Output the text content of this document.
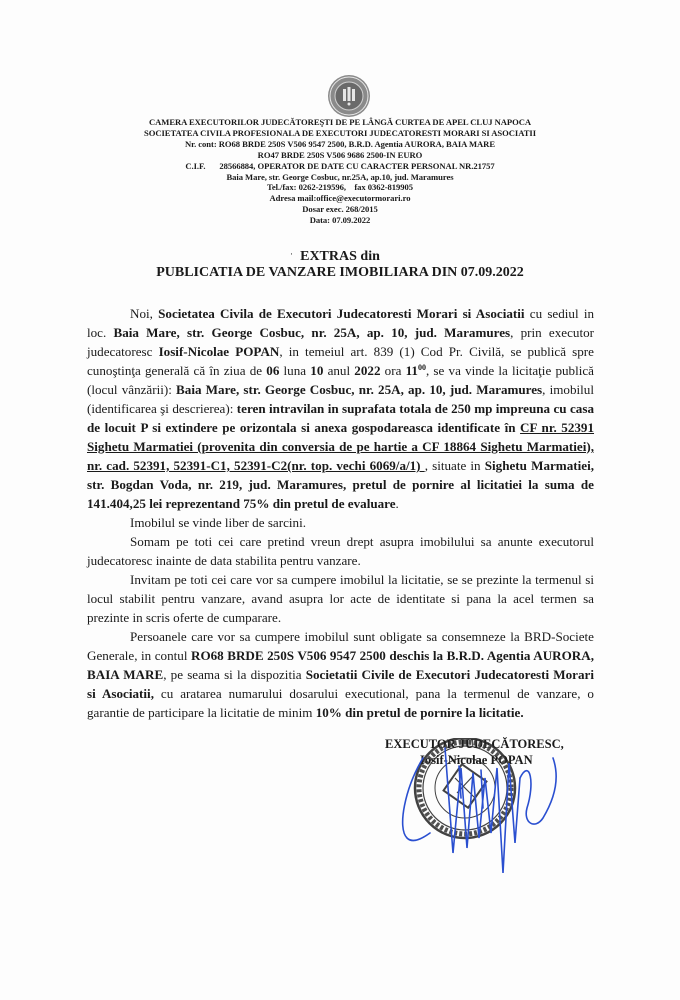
CAMERA EXECUTORILOR JUDECĂTOREŞTI DE PE LÂNGĂ CURTEA DE APEL CLUJ NAPOCA
SOCIETATEA CIVILA PROFESIONALA DE EXECUTORI JUDECATORESTI MORARI SI ASOCIATII
Nr. cont: RO68 BRDE 250S V506 9547 2500, B.R.D. Agentia AURORA, BAIA MARE
RO47 BRDE 250S V506 9686 2500-IN EURO
C.I.F. 28566884, OPERATOR DE DATE CU CARACTER PERSONAL NR.21757
Baia Mare, str. George Cosbuc, nr.25A, ap.10, jud. Maramures
Tel./fax: 0262-219596,    fax 0362-819905
Adresa mail:office@executormorari.ro
Dosar exec. 268/2015
Data: 07.09.2022
· EXTRAS din
PUBLICATIA DE VANZARE IMOBILIARA DIN 07.09.2022

Noi, Societatea Civila de Executori Judecatoresti Morari si Asociatii cu sediul in loc. Baia Mare, str. George Cosbuc, nr. 25A, ap. 10, jud. Maramures, prin executor judecatoresc Iosif-Nicolae POPAN, in temeiul art. 839 (1) Cod Pr. Civilă, se publică spre cunoştinţa generală că în ziua de 06 luna 10 anul 2022 ora $11^{00}$, se va vinde la licitaţie publică (locul vânzării): Baia Mare, str. George Cosbuc, nr. 25A, ap. 10, jud. Maramures, imobilul (identificarea şi descrierea): teren intravilan in suprafata totala de 250 mp impreuna cu casa de locuit P si extindere pe orizontala si anexa gospodareasca identificate în CF nr. 52391 Sighetu Marmatiei (provenita din conversia de pe hartie a CF 18864 Sighetu Marmatiei), nr. cad. 52391, 52391-C1, 52391-C2(nr. top. vechi 6069/a/1) , situate in Sighetu Marmatiei, str. Bogdan Voda, nr. 219, jud. Maramures, pretul de pornire al licitatiei la suma de 141.404,25 lei reprezentand 75% din pretul de evaluare.

Imobilul se vinde liber de sarcini.

Somam pe toti cei care pretind vreun drept asupra imobilului sa anunte executorul judecatoresc inainte de data stabilita pentru vanzare.

Invitam pe toti cei care vor sa cumpere imobilul la licitatie, se se prezinte la termenul si locul stabilit pentru vanzare, avand asupra lor acte de identitate si pana la acel termen sa prezinte in scris oferte de cumparare.

Persoanele care vor sa cumpere imobilul sunt obligate sa consemneze la BRD-Societe Generale, in contul RO68 BRDE 250S V506 9547 2500 deschis la B.R.D. Agentia AURORA, BAIA MARE, pe seama si la dispozitia Societatii Civile de Executori Judecatoresti Morari si Asociatii, cu aratarea numarului dosarului executional, pana la termenul de vanzare, o garantie de participare la licitatie de minim 10% din pretul de pornire la licitatie.

EXECUTOR JUDECĂTORESC,
Iosif-Nicolae POPAN
